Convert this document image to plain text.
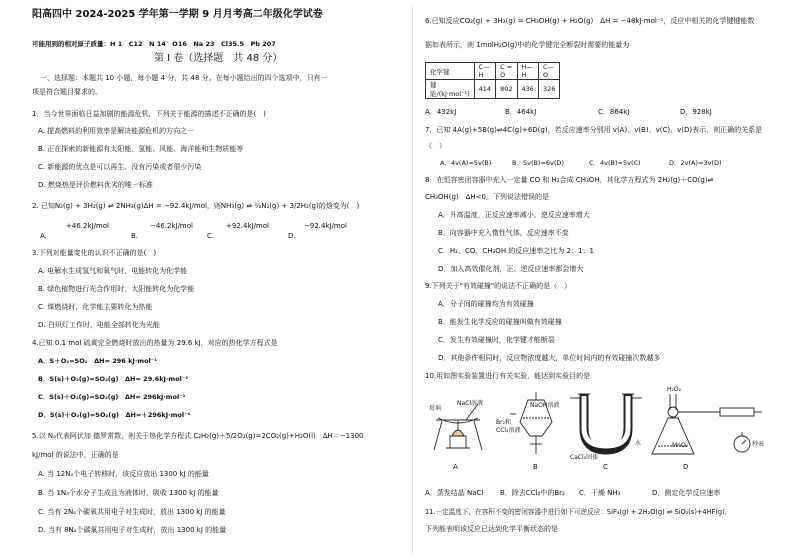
阳高四中 2024-2025 学年第一学期 9 月月考高二年级化学试卷
可能用到的相对原子质量：H 1　C12　N 14　O16　Na 23　Cl35.5　Pb 207
第 I 卷（选择题　共 48 分）
一、选择题：本题共 10 小题，每小题 4 分，共 48 分。在每小题给出的四个选项中，只有一
项是符合题目要求的。
1．当今世界面临日益加剧的能源危机，下列关于能源的描述不正确的是(　)
A. 提高燃料的利用效率是解决能源危机的方向之一
B. 正在探索的新能源有太阳能、氢能、风能、海洋能和生物质能等
C. 新能源的优点是可以再生、没有污染或者很少污染
D. 燃烧热是评价燃料优劣的唯一标准
2. 已知N₂(g) + 3H₂(g) ⇌ 2NH₃(g)ΔH = −92.4kJ/mol，则NH₃(g) ⇌ ½N₂(g) + 3/2H₂(g)的焓变为(　)
+46.2kJ/mol
A.
−46.2kJ/mol
B.
+92.4kJ/mol
C.
−92.4kJ/mol
D.
3.下列对能量变化的认识不正确的是(　)
A. 电解水生成氢气和氧气时，电能转化为化学能
B. 绿色植物进行光合作用时，太阳能转化为化学能
C. 煤燃烧时，化学能主要转化为热能
D. 白炽灯工作时，电能全部转化为光能
4.已知 0.1 mol 硫黄完全燃烧时放出的热量为 29.6 kJ，对应的热化学方程式是
A．S＋O₂=SO₂　ΔH= 296 kJ·mol⁻¹
B．S(s)＋O₂(g)=SO₂(g)　ΔH= 29.6kJ·mol⁻¹
C．S(s)＋O₂(g)=SO₂(g)　ΔH= 296kJ·mol⁻¹
D．S(s)＋O₂(g)=SO₂(g)　ΔH=＋296kJ·mol⁻¹
5.以 Nₐ代表阿伏加 德罗常数，则关于热化学方程式 C₂H₂(g)＋5/2O₂(g)=2CO₂(g)+H₂O(l)　ΔH＝−1300
kJ/mol 的说法中，正确的是
A. 当 12Nₐ个电子转移时，该反应放出 1300 kJ 的能量
B. 当 1Nₐ个水分子生成且为液体时，吸收 1300 kJ 的能量
C. 当有 2Nₐ个碳氧共用电子对生成时，放出 1300 kJ 的能量
D. 当有 8Nₐ个碳氧共用电子对生成时，放出 1300 kJ 的能量
6.已知反应CO₂(g) + 3H₂(g) = CH₃OH(g) + H₂O(g)　ΔH = −48kJ·mol⁻¹，反应中相关的化学键键能数
据如表所示，则 1molH₂O(g)中的化学键完全断裂时需要的能量为
化学键	C—H	C = O	H—H	C—O
键能/(kJ·mol⁻¹)	414	802	436	326
A．432kJ	B．464kJ	C．864kJ	D．928kJ
7．已知 4A(g)+5B(g)⇌4C(g)+6D(g)，若反应速率分别用 v(A)、v(B)、v(C)、v(D)表示，则正确的关系是
（　）
A．4v(A)=5v(B)	B．5v(B)=6v(D)	C．4v(B)=5v(C)	D．2v(A)=3v(D)
8．在恒容密闭容器中充入一定量 CO 和 H₂合成 CH₃OH，其化学方程式为 2H₂(g)＋CO(g)⇌
CH₃OH(g)　ΔH<0。下列说法错误的是
A．升高温度，正反应速率减小，逆反应速率增大
B．向容器中充入惰性气体，反应速率不变
C．H₂、CO、CH₃OH 的反应速率之比为 2：1：1
D．加入高效催化剂，正、逆反应速率都会增大
9.下列关于"有效碰撞"的说法不正确的是（　）
A．分子间的碰撞均为有效碰撞
B．能发生化学反应的碰撞叫做有效碰撞
C．发生有效碰撞时，化学键才能断裂
D．其他条件相同时，反应物浓度越大，单位时间内的有效碰撞次数越多
10.用如图实验装置进行有关实验，能达到实验目的是
坩埚
NaCl溶液	NaOH溶液
Br₂和
CCl₄溶液
CaCl₂固体
H₂O₂
水	MnO₂	秒表
A	B	C	D
A．蒸发结晶 NaCl B．除去CCl₄中的Br₂ C．干燥 NH₃	D．测定化学反应速率
11.一定温度下，在容积不变的密闭容器中进行如下可逆反应：SiF₄(g) + 2H₂O(g) ⇌ SiO₂(s)+4HF(g)，
下列能表明该反应已达到化学平衡状态的是
